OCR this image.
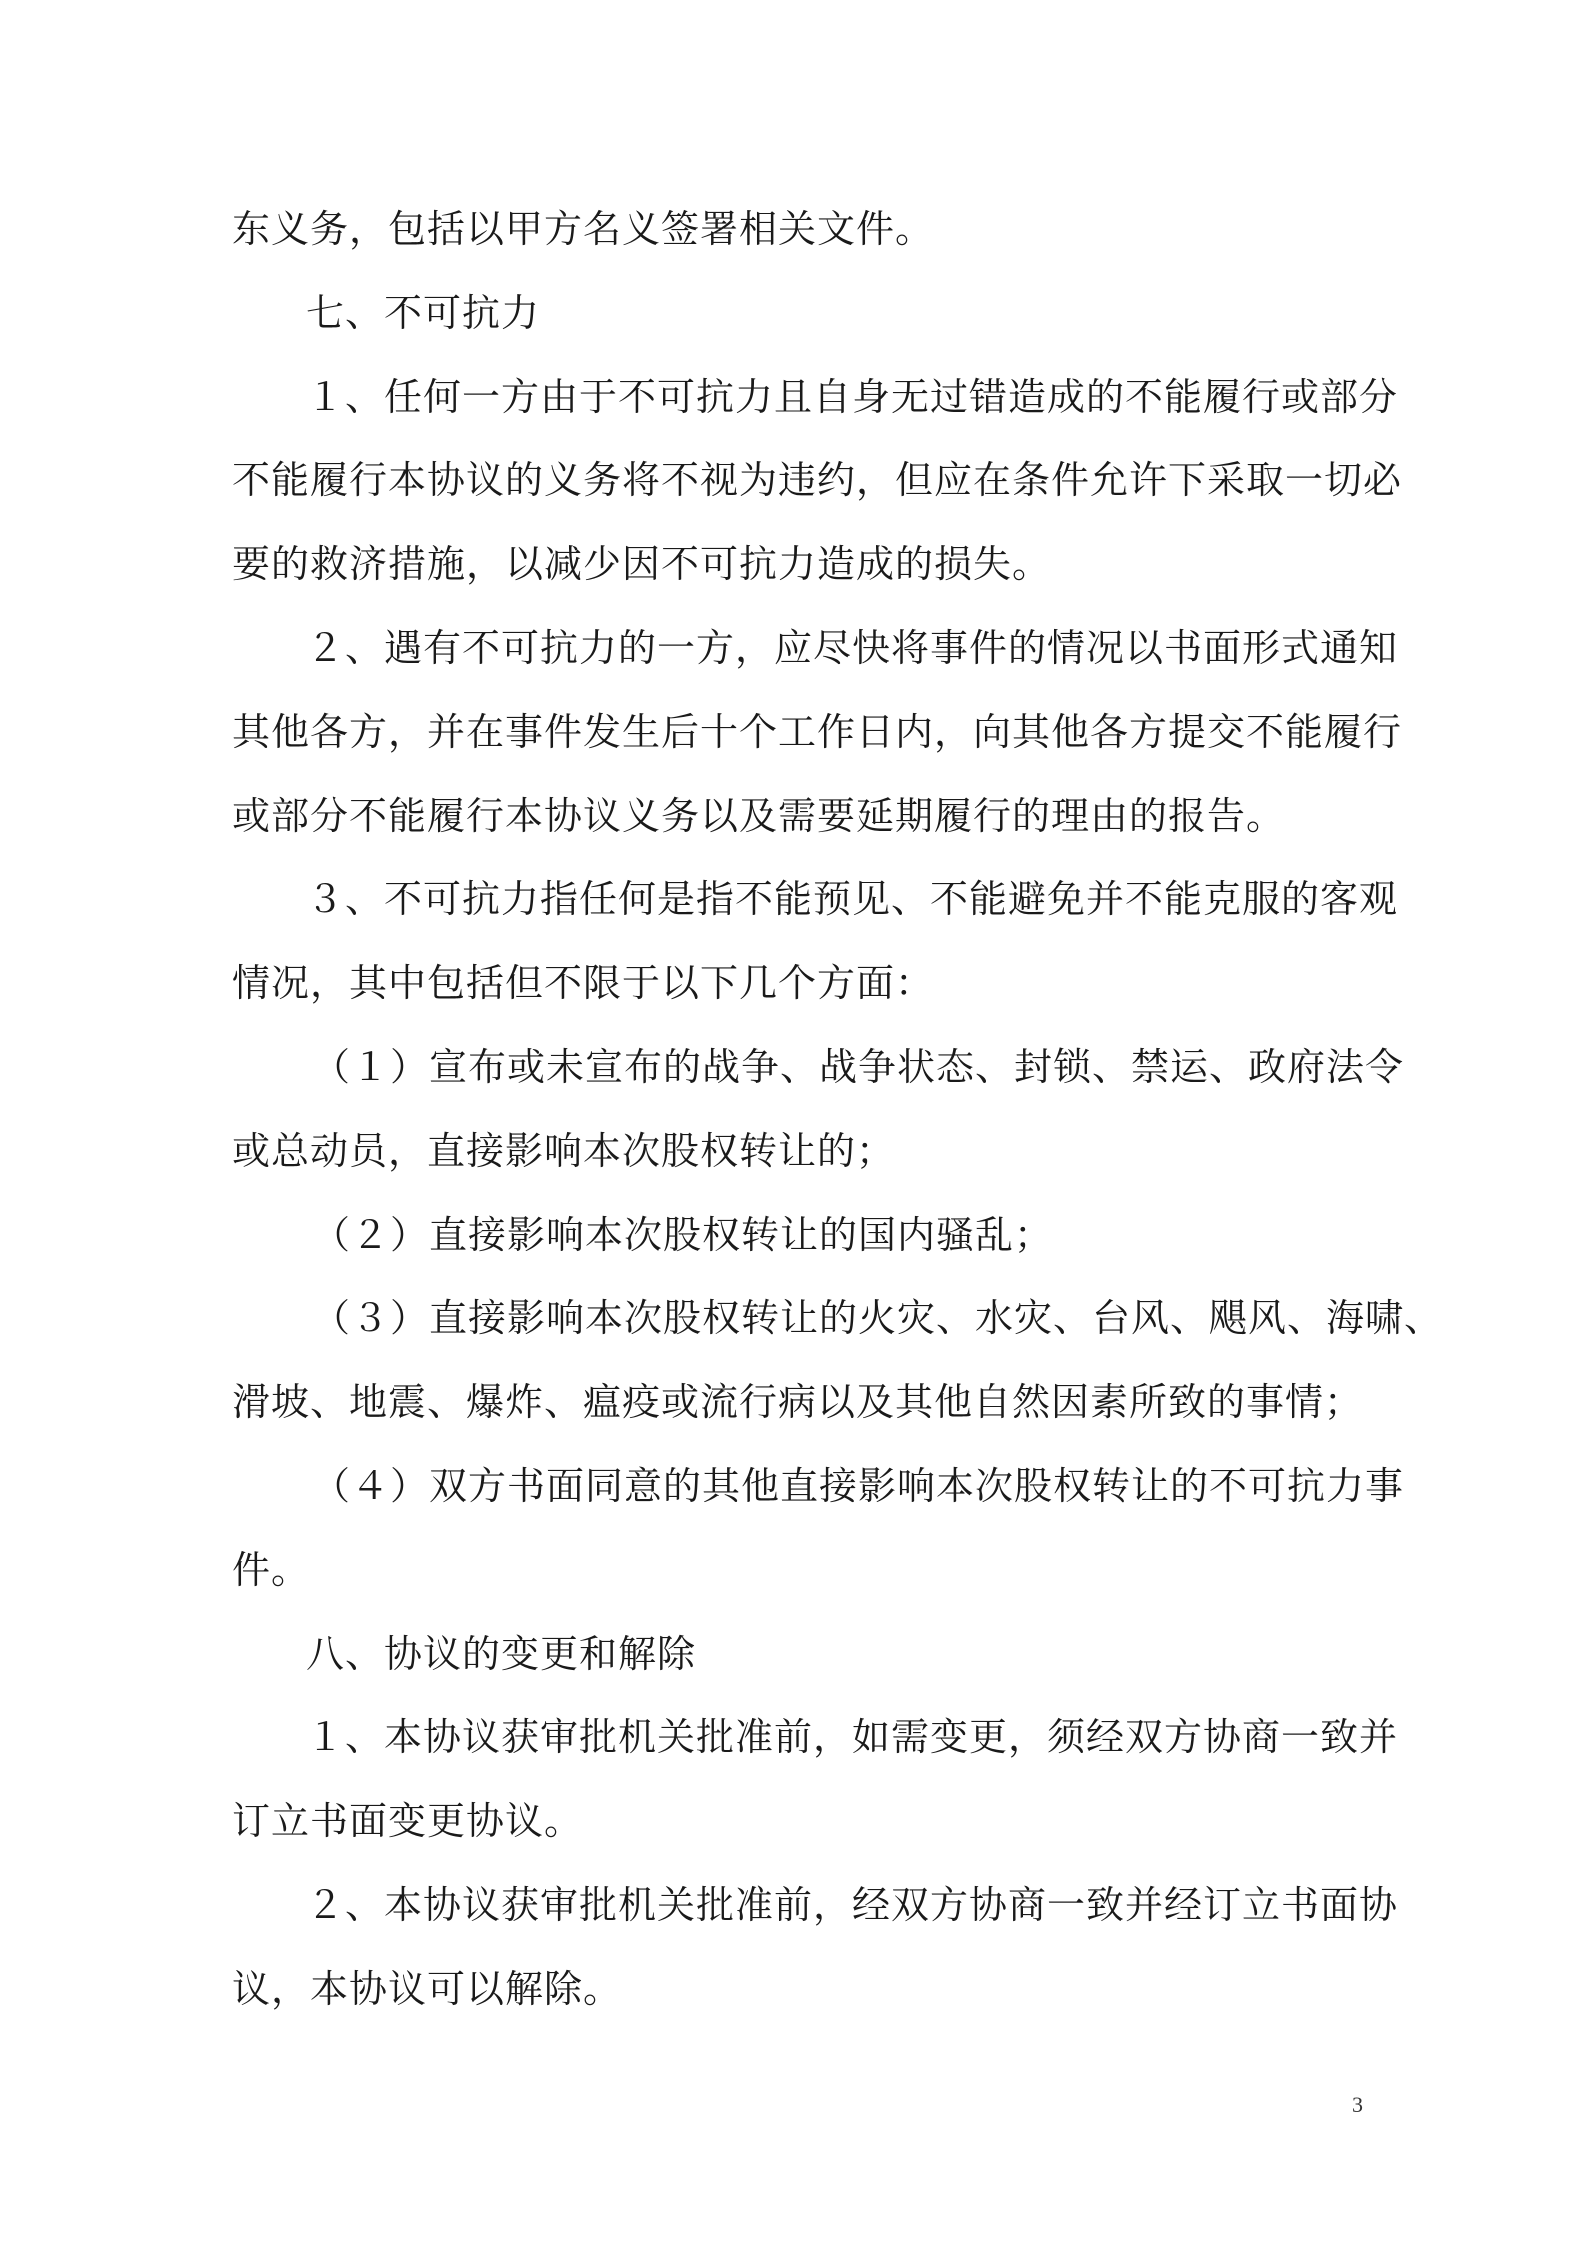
东义务，包括以甲方名义签署相关文件。
七、不可抗力
１、任何一方由于不可抗力且自身无过错造成的不能履行或部分
不能履行本协议的义务将不视为违约，但应在条件允许下采取一切必
要的救济措施，以减少因不可抗力造成的损失。
２、遇有不可抗力的一方，应尽快将事件的情况以书面形式通知
其他各方，并在事件发生后十个工作日内，向其他各方提交不能履行
或部分不能履行本协议义务以及需要延期履行的理由的报告。
３、不可抗力指任何是指不能预见、不能避免并不能克服的客观
情况，其中包括但不限于以下几个方面：
（１）宣布或未宣布的战争、战争状态、封锁、禁运、政府法令
或总动员，直接影响本次股权转让的；
（２）直接影响本次股权转让的国内骚乱；
（３）直接影响本次股权转让的火灾、水灾、台风、飓风、海啸、
滑坡、地震、爆炸、瘟疫或流行病以及其他自然因素所致的事情；
（４）双方书面同意的其他直接影响本次股权转让的不可抗力事
件。
八、协议的变更和解除
１、本协议获审批机关批准前，如需变更，须经双方协商一致并
订立书面变更协议。
２、本协议获审批机关批准前，经双方协商一致并经订立书面协
议，本协议可以解除。
3
